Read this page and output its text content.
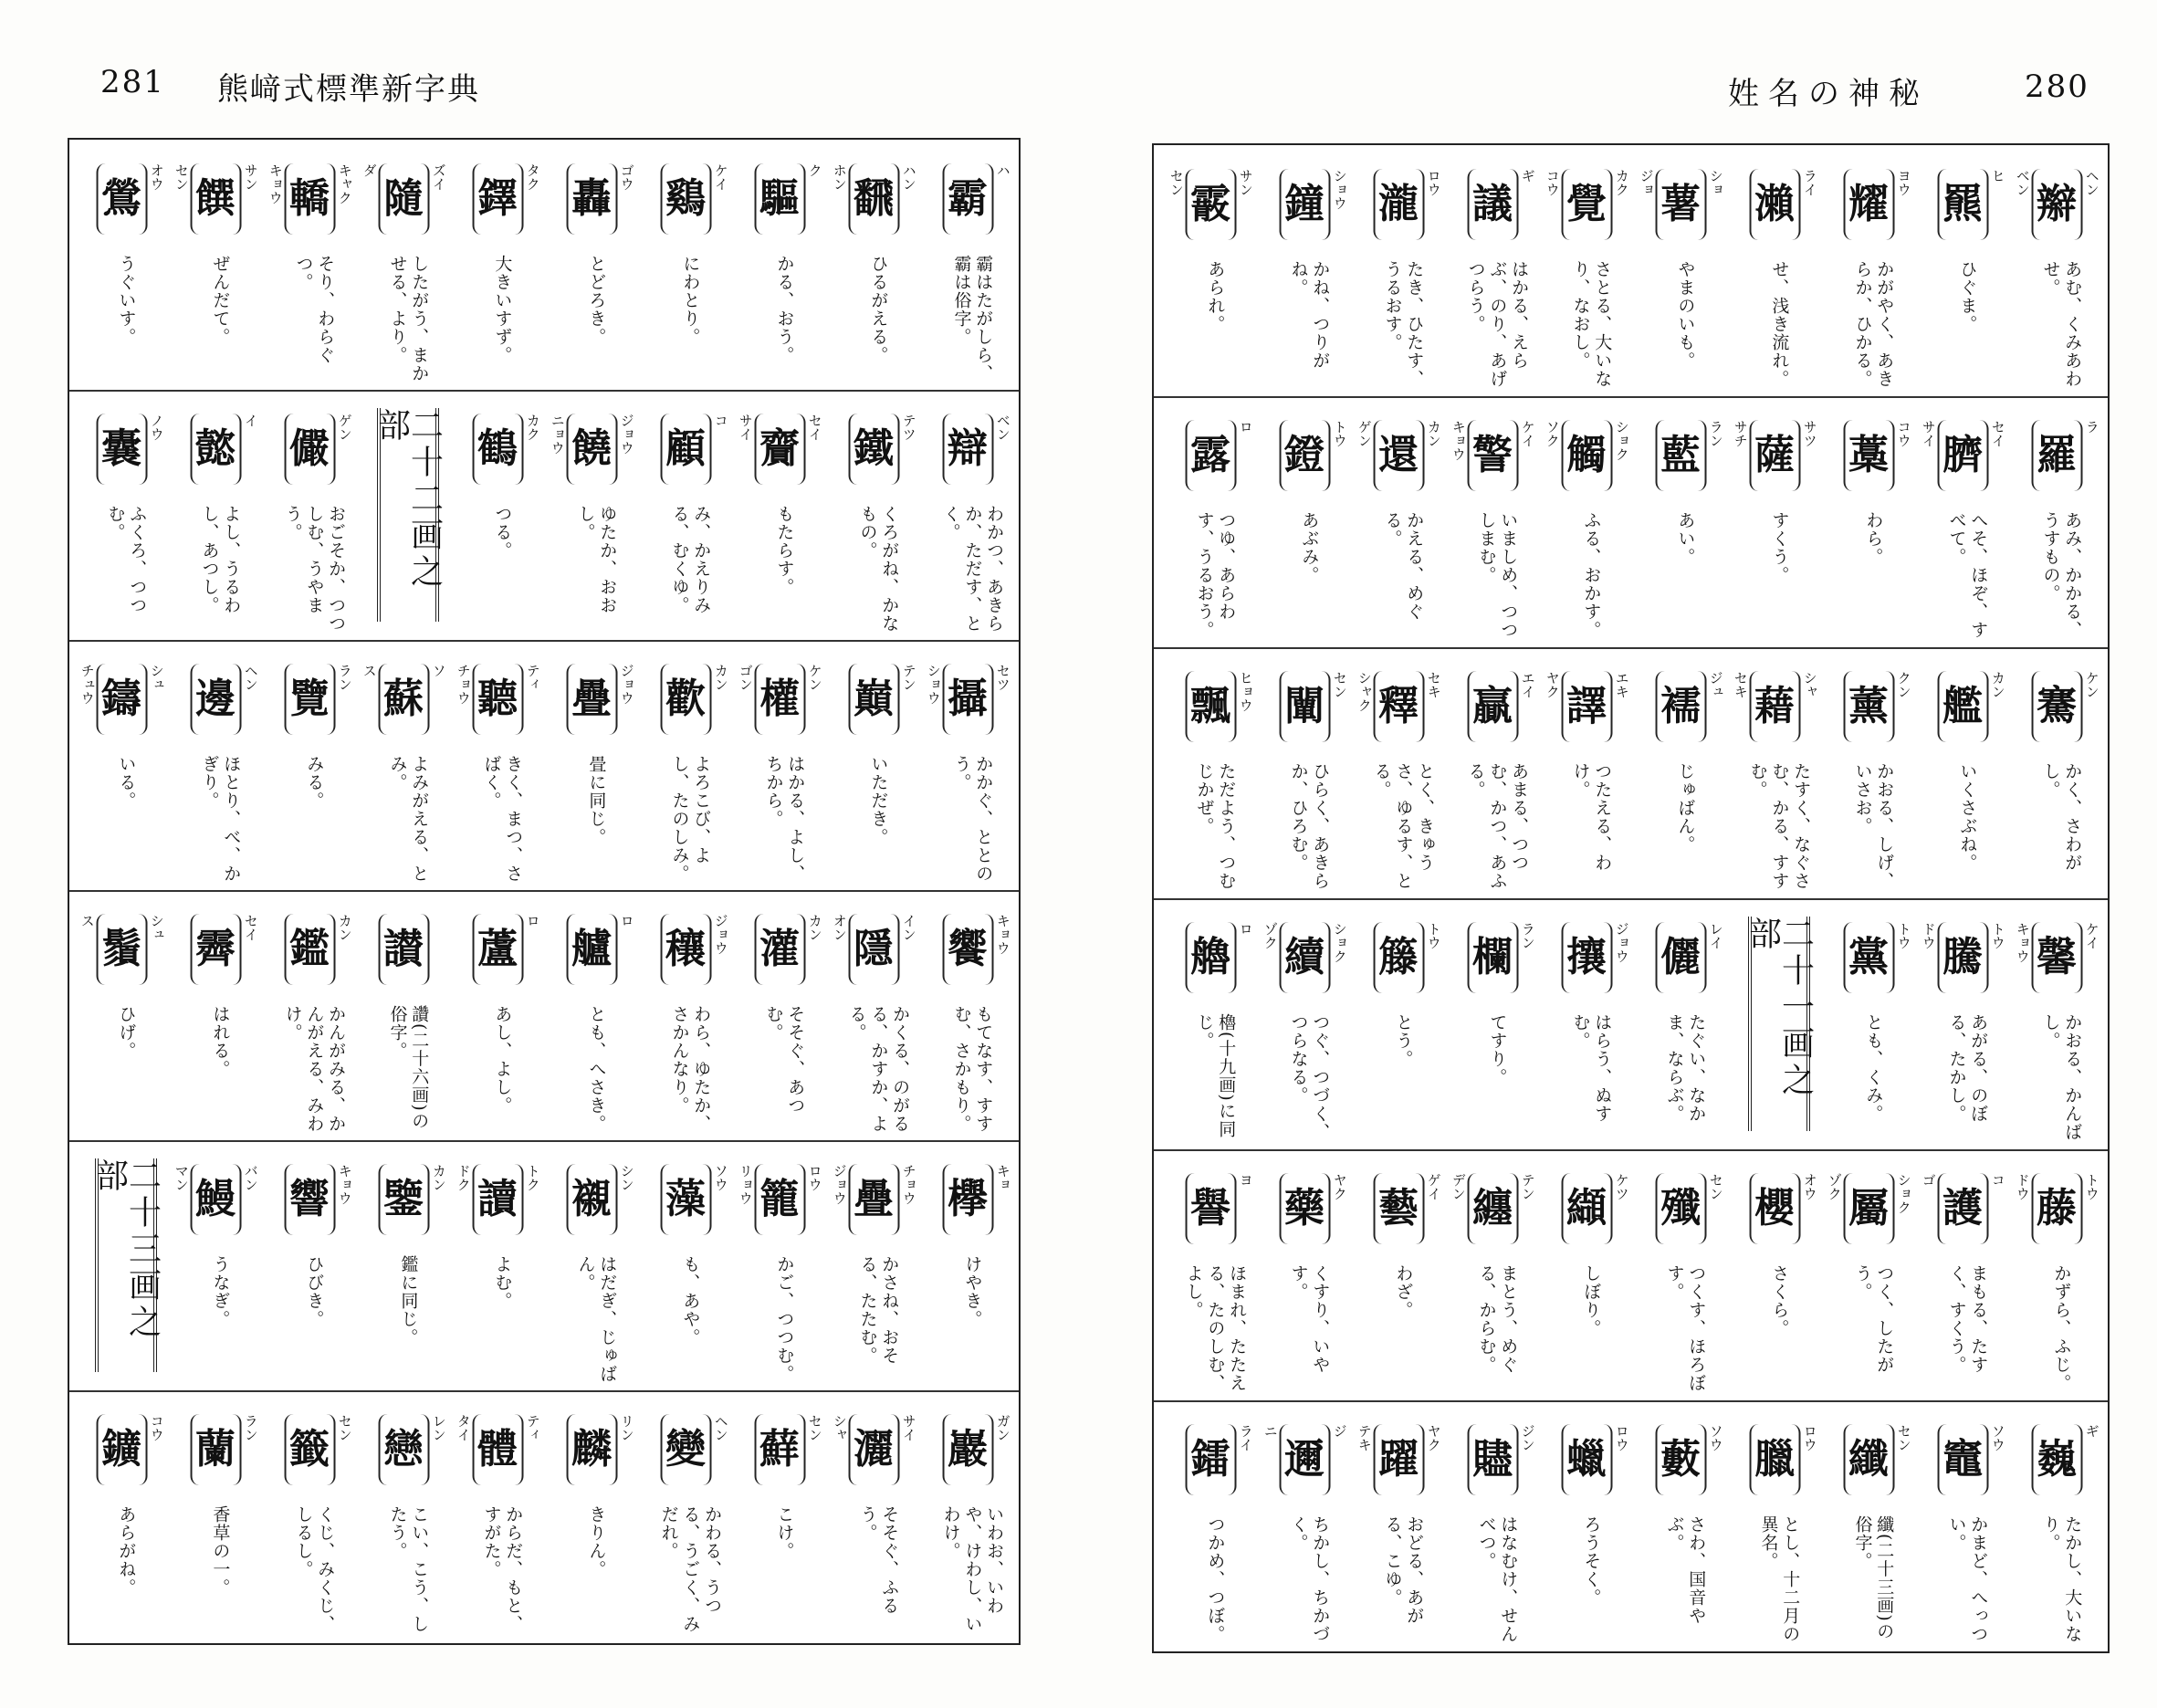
281 熊﨑式標準新字典	姓名の神秘	280
霸
ハ
霸はたがしら、霸は俗字。
飜 ハン
ホン
ひるがえる。
驅
ク
かる、おう。
鷄 ケイ
にわとり。
轟 ゴウ
とどろき。
鐸 タク
大きいすず。
隨 ズイ
ダ
したがう、まかせる、より。
轎 キャク
キョウ
そり、わらぐつ。
饌 サン
セン
ぜんだて。
鶯 オウ
うぐいす。
辯 ベン
わかつ、あきらか、ただす、とく。
鐵 テツ
くろがね、かなもの。
齎 セイ
サイ
もたらす。
顧
コ
み、かえりみる、むくゆ。
饒 ジョウ
ニョウ
ゆたか、おおし。
鶴 カク
つる。
二十二画之部
儼 ゲン
おごそか、つつしむ、うやまう。
懿
イ
よし、うるわし、あつし。
囊 ノウ
ふくろ、つつむ。
攝 セツ
ショウ
かかぐ、ととのう。
巔 テン
いただき。
權 ケン
ゴン
はかる、よし、ちから。
歡 カン
よろこび、よし、たのしみ。
疊 ジョウ
畳に同じ。
聽 ティ
チョウ
きく、まつ、さばく。
蘇
ソ
ス
よみがえる、とみ。
覽 ラン
みる。
邊 ヘン
ほとり、べ、かぎり。
鑄 シュ
チュウ
いる。
饗 キョウ
もてなす、すすむ、さかもり。
隱 イン
オン
かくる、のがるる、かすか、よる。
灌 カン
そそぐ、あつむ。
穰 ジョウ
わら、ゆたか、さかんなり。
艫
ロ
とも、へさき。
蘆
ロ
あし、よし。
讃
讚(二十六画)の俗字。
鑑 カン
かんがみる、かんがえる、みわけ。
霽 セイ
はれる。
鬚 シュ
ス
ひげ。
欅 キョ
けやき。
疊 チョウ
ジョウ
かさね、おそる、たたむ。
籠 ロウ
リョウ
かご、つつむ。
藻 ソウ
も、あや。
襯 シン
はだぎ、じゅばん。
讀 トク
ドク
よむ。
鑒 カン
鑑に同じ。
響 キョウ
ひびき。
鰻 バン
マン
うなぎ。
二十三画之部
巖 ガン
いわお、いわや、けわし、いわけ。
灑 サイ
シャ
そそぐ、ふるう。
蘚 セン
こけ。
變 ヘン
かわる、うつる、うごく、みだれ。
麟 リン
きりん。
體 ティ
タイ
からだ、もと、すがた。
戀 レン
こい、こう、したう。
籤 セン
くじ、みくじ、しるし。
蘭 ラン
香草の一。
鑛 コウ
あらがね。
辮 ヘン
ベン
あむ、くみあわせ。
羆
ヒ
ひぐま。
耀 ヨウ
かがやく、あきらか、ひかる。
瀨 ライ
せ、浅き流れ。
薯 ショ
ジョ
やまのいも。
覺 カク
コウ
さとる、大いなり、なおし。
議
ギ
はかる、えらぶ、のり、あげつらう。
瀧 ロウ
たき、ひたす、うるおす。
鐘 ショウ
かね、つりがね。
霰 サン
セン
あられ。
羅
ラ
あみ、かかる、うすもの。
臍 セイ
サイ
へそ、ほぞ、すべて。
藁 コウ
わら。
薩 サツ
サチ
すくう。
藍 ラン
あい。
觸 ショク
ソク
ふる、おかす。
警 ケイ
キョウ
いましめ、つつしまむ。
還 カン
ゲン
かえる、めぐる。
鐙 トウ
あぶみ。
露
ロ
つゆ、あらわす、うるおう。
騫 ケン
かく、さわがし。
艦 カン
いくさぶね。
薰 クン
かおる、しげ、いさお。
藉 シャ
セキ
たすく、なぐさむ、かる、すすむ。
襦 ジュ
じゅばん。
譯 エキ
ヤク
つたえる、わけ。
贏 エイ
あまる、つつむ、かつ、あふる。
釋 セキ
シャク
とく、きゅうさ、ゆるす、とる。
闡 セン
ひらく、あきらか、ひろむ。
飄 ヒョウ
ただよう、つむじかぜ。
馨 ケイ
キョウ
かおる、かんばし。
騰 トウ
ドウ
あがる、のぼる、たかし。
黨 トウ
とも、くみ。
二十一画之部
儷 レイ
たぐい、なかま、ならぶ。
攘 ジョウ
はらう、ぬすむ。
欄 ラン
てすり。
籐 トウ
とう。
續 ショク
ゾク
つぐ、つづく、つらなる。
艪
ロ
櫓(十九画)に同じ。
藤 トウ
ドウ
かずら、ふじ。
護
コ
ゴ
まもる、たすく、すくう。
屬 ショク
ゾク
つく、したがう。
櫻 オウ
さくら。
殲 セン
つくす、ほろぼす。
纈 ケツ
しぼり。
纏 テン
デン
まとう、めぐる、からむ。
藝 ゲイ
わざ。
藥 ヤク
くすり、いやす。
譽
ヨ
ほまれ、たたえる、たのしむ、よし。
巍
ギ
たかし、大いなり。
竈 ソウ
かまど、へっつい。
纖 セン
纖(二十三画)の俗字。
臘 ロウ
とし、十二月の異名。
藪 ソウ
さわ、国音やぶ。
蠟 ロウ
ろうそく。
贐 ジン
はなむけ、せんべつ。
躍 ヤク
テキ
おどる、あがる、こゆ。
邇
ジ
ニ
ちかし、ちかづく。
鐳 ライ
つかめ、つぼ。
